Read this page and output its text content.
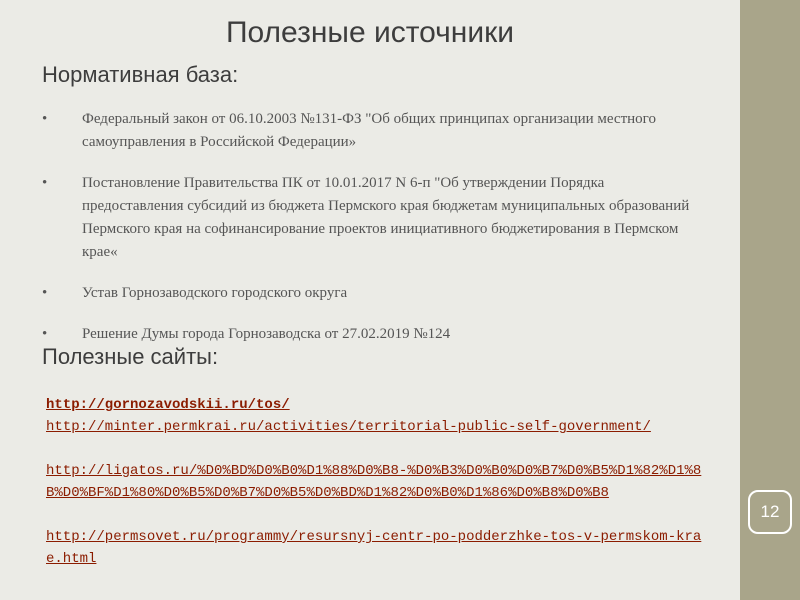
12
Полезные источники
Нормативная база:
• Федеральный закон от 06.10.2003 №131-ФЗ "Об общих принципах организации местного самоуправления в Российской Федерации»
• Постановление Правительства ПК от 10.01.2017 N 6-п "Об утверждении Порядка предоставления субсидий из бюджета Пермского края бюджетам муниципальных образований Пермского края на софинансирование проектов инициативного бюджетирования в Пермском крае«
• Устав Горнозаводского городского округа
• Решение Думы города Горнозаводска от 27.02.2019 №124
Полезные сайты:
http://gornozavodskii.ru/tos/
http://minter.permkrai.ru/activities/territorial-public-self-government/
http://ligatos.ru/%D0%BD%D0%B0%D1%88%D0%B8-%D0%B3%D0%B0%D0%B7%D0%B5%D1%82%D1%8B%D0%BF%D1%80%D0%B5%D0%B7%D0%B5%D0%BD%D1%82%D0%B0%D1%86%D0%B8%D0%B8
http://permsovet.ru/programmy/resursnyj-centr-po-podderzhke-tos-v-permskom-krae.html
